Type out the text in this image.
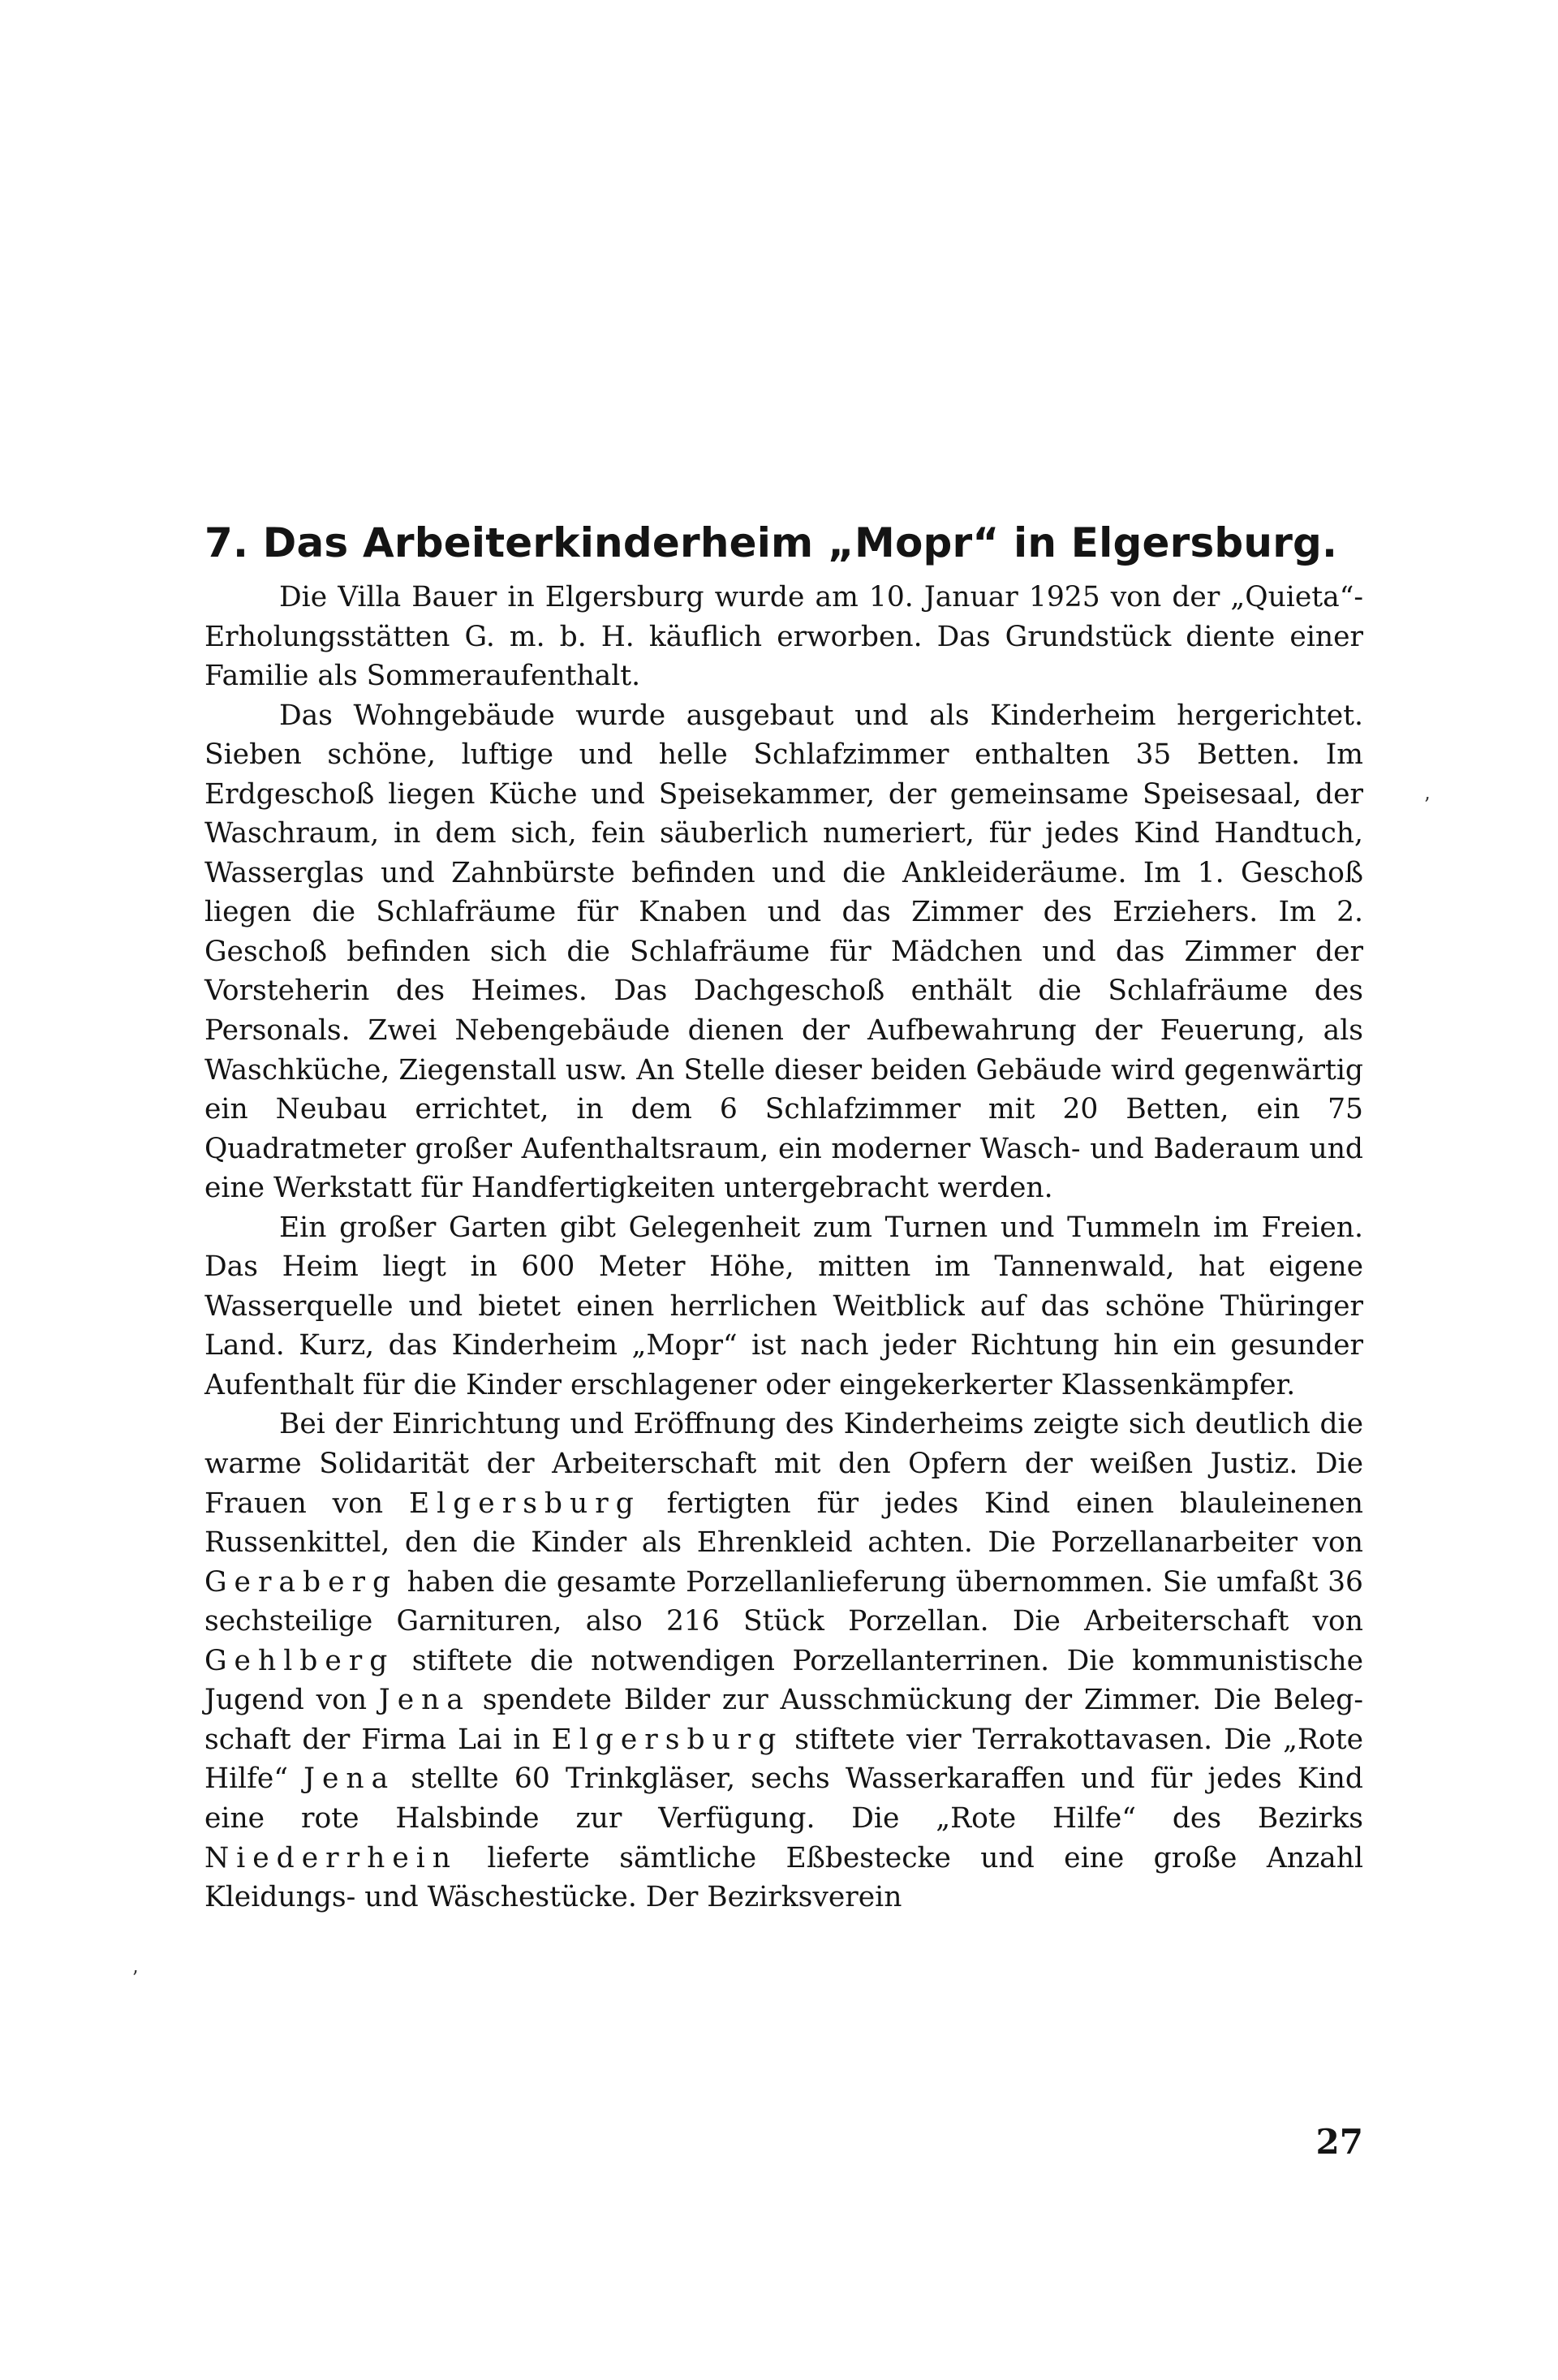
7. Das Arbeiterkinderheim „Mopr“ in Elgersburg.

Die Villa Bauer in Elgersburg wurde am 10. Januar 1925 von der „Quieta“-Erholungsstätten G. m. b. H. käuflich erworben. Das Grundstück diente einer Familie als Sommeraufenthalt.

Das Wohngebäude wurde ausgebaut und als Kinderheim hergerichtet. Sieben schöne, luftige und helle Schlafzimmer enthalten 35 Betten. Im Erdgeschoß liegen Küche und Speisekammer, der gemeinsame Speisesaal, der Waschraum, in dem sich, fein säuberlich numeriert, für jedes Kind Handtuch, Wasserglas und Zahnbürste befinden und die Ankleideräume. Im 1. Geschoß liegen die Schlafräume für Knaben und das Zimmer des Erziehers. Im 2. Geschoß befinden sich die Schlafräume für Mädchen und das Zimmer der Vorsteherin des Heimes. Das Dachgeschoß enthält die Schlafräume des Personals. Zwei Nebengebäude dienen der Aufbewahrung der Feuerung, als Waschküche, Ziegenstall usw. An Stelle dieser beiden Gebäude wird gegenwärtig ein Neubau errichtet, in dem 6 Schlafzimmer mit 20 Betten, ein 75 Quadratmeter großer Aufenthaltsraum, ein moderner Wasch- und Baderaum und eine Werkstatt für Handfertigkeiten untergebracht werden.

Ein großer Garten gibt Gelegenheit zum Turnen und Tummeln im Freien. Das Heim liegt in 600 Meter Höhe, mitten im Tannenwald, hat eigene Wasserquelle und bietet einen herrlichen Weitblick auf das schöne Thüringer Land. Kurz, das Kinderheim „Mopr“ ist nach jeder Richtung hin ein gesunder Aufenthalt für die Kinder erschlagener oder eingekerkerter Klassenkämpfer.

Bei der Einrichtung und Eröffnung des Kinderheims zeigte sich deutlich die warme Solidarität der Arbeiterschaft mit den Opfern der weißen Justiz. Die Frauen von Elgersburg fertigten für jedes Kind einen blauleinenen Russenkittel, den die Kinder als Ehrenkleid achten. Die Porzellanarbeiter von Geraberg haben die gesamte Porzellanlieferung übernommen. Sie umfaßt 36 sechsteilige Garnituren, also 216 Stück Porzellan. Die Arbeiterschaft von Gehlberg stiftete die notwendigen Porzellanterrinen. Die kommunistische Jugend von Jena spendete Bilder zur Ausschmückung der Zimmer. Die Belegschaft der Firma Lai in Elgersburg stiftete vier Terrakottavasen. Die „Rote Hilfe“ Jena stellte 60 Trinkgläser, sechs Wasserkaraffen und für jedes Kind eine rote Halsbinde zur Verfügung. Die „Rote Hilfe“ des Bezirks Niederrhein lieferte sämtliche Eßbestecke und eine große Anzahl Kleidungs- und Wäschestücke. Der Bezirksverein

27
ʼ
ʼ
